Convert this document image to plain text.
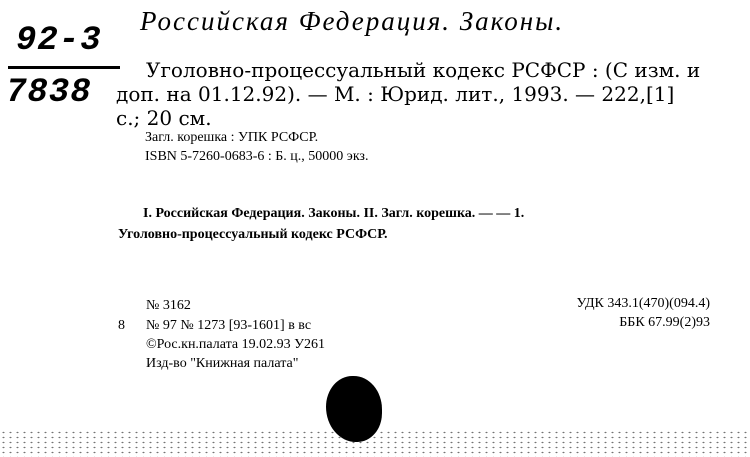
Российская Федерация. Законы.
92-3
7838
Уголовно-процессуальный кодекс РСФСР : (С изм. и
доп. на 01.12.92). — М. : Юрид. лит., 1993. — 222,[1]
с.; 20 см.
Загл. корешка : УПК РСФСР.
ISBN 5-7260-0683-6 : Б. ц., 50000 экз.
I. Российская Федерация. Законы. II. Загл. корешка. — — 1.
Уголовно-процессуальный кодекс РСФСР.
№ 3162
8 № 97 № 1273 [93-1601] в вс
©Рос.кн.палата 19.02.93 У261
Изд-во "Книжная палата"
УДК 343.1(470)(094.4)
ББК 67.99(2)93
